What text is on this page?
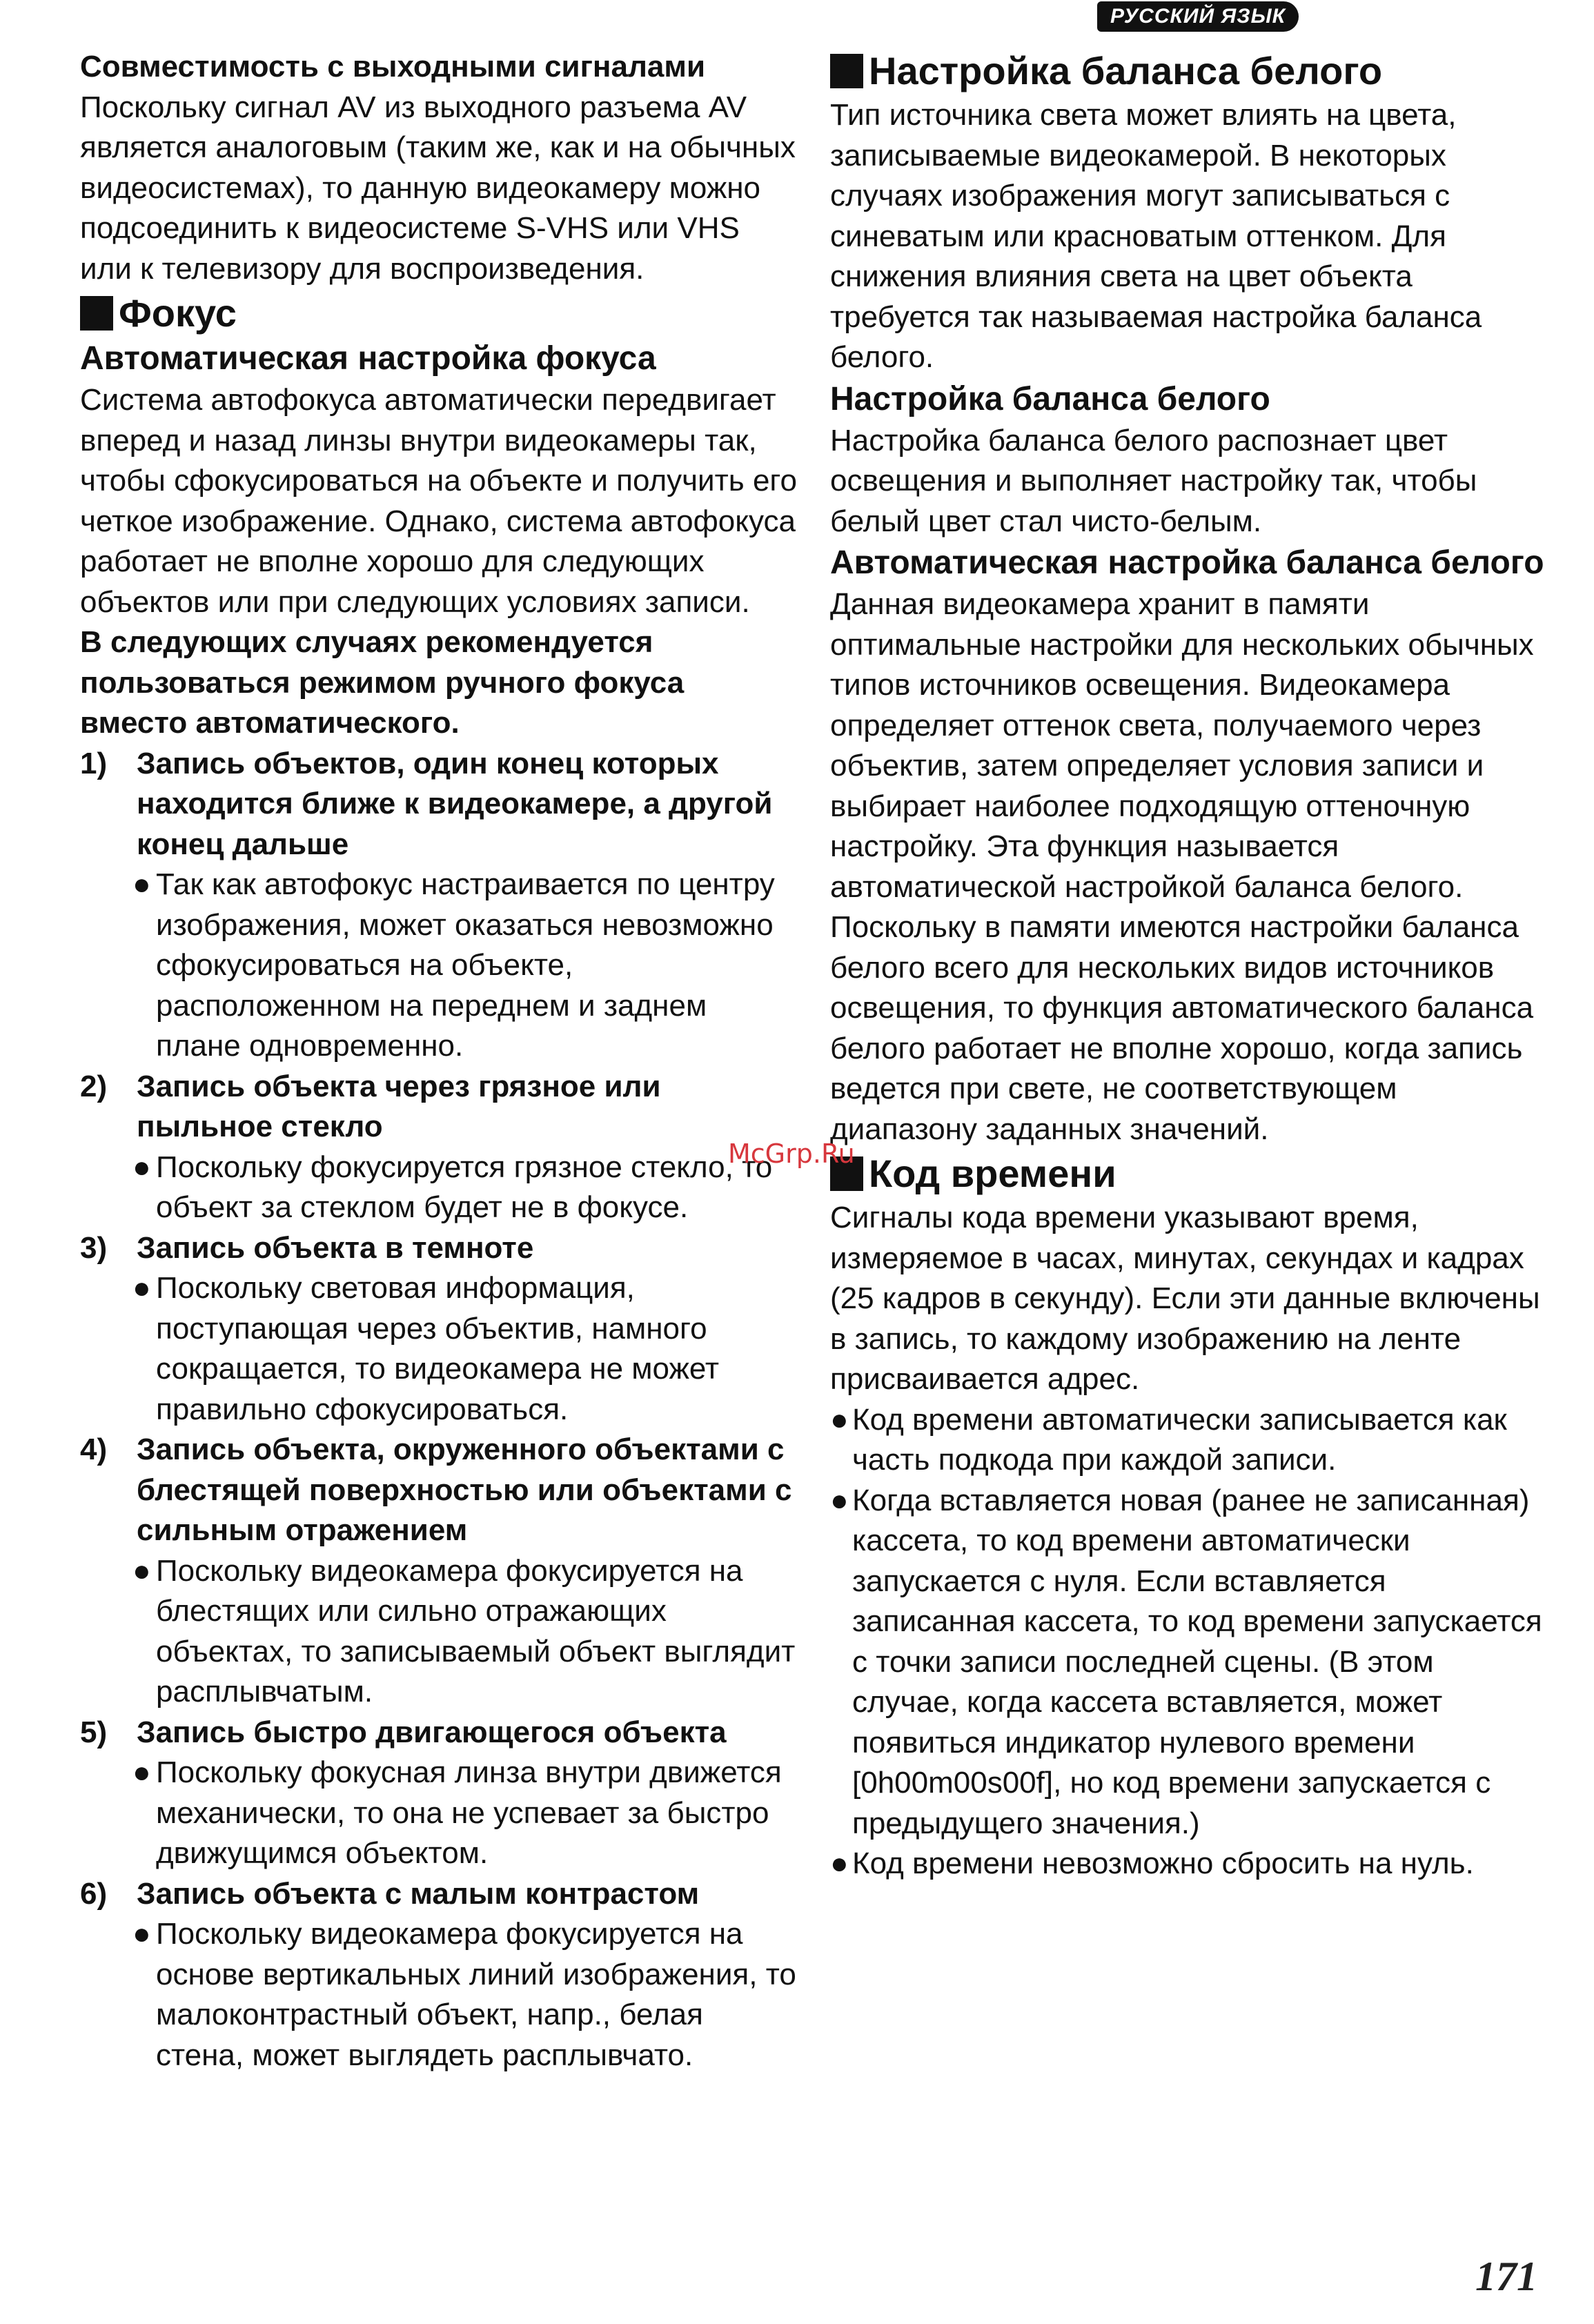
РУССКИЙ ЯЗЫК

Совместимость с выходными сигналами

Поскольку сигнал AV из выходного разъема AV является аналоговым (таким же, как и на обычных видеосистемах), то данную видеокамеру можно подсоединить к видеосистеме S-VHS или VHS или к телевизору для воспроизведения.

Фокус

Автоматическая настройка фокуса

Система автофокуса автоматически передвигает вперед и назад линзы внутри видеокамеры так, чтобы сфокусироваться на объекте и получить его четкое изображение. Однако, система автофокуса работает не вполне хорошо для следующих объектов или при следующих условиях записи.

В следующих случаях рекомендуется пользоваться режимом ручного фокуса вместо автоматического.

1) Запись объектов, один конец которых находится ближе к видеокамере, а другой конец дальше
● Так как автофокус настраивается по центру изображения, может оказаться невозможно сфокусироваться на объекте, расположенном на переднем и заднем плане одновременно.
2) Запись объекта через грязное или пыльное стекло
● Поскольку фокусируется грязное стекло, то объект за стеклом будет не в фокусе.
3) Запись объекта в темноте
● Поскольку световая информация, поступающая через объектив, намного сокращается, то видеокамера не может правильно сфокусироваться.
4) Запись объекта, окруженного объектами с блестящей поверхностью или объектами с сильным отражением
● Поскольку видеокамера фокусируется на блестящих или сильно отражающих объектах, то записываемый объект выглядит расплывчатым.
5) Запись быстро двигающегося объекта
● Поскольку фокусная линза внутри движется механически, то она не успевает за быстро движущимся объектом.
6) Запись объекта с малым контрастом
● Поскольку видеокамера фокусируется на основе вертикальных линий изображения, то малоконтрастный объект, напр., белая стена, может выглядеть расплывчато.
Настройка баланса белого

Тип источника света может влиять на цвета, записываемые видеокамерой. В некоторых случаях изображения могут записываться с синеватым или красноватым оттенком. Для снижения влияния света на цвет объекта требуется так называемая настройка баланса белого.

Настройка баланса белого

Настройка баланса белого распознает цвет освещения и выполняет настройку так, чтобы белый цвет стал чисто-белым.

Автоматическая настройка баланса белого

Данная видеокамера хранит в памяти оптимальные настройки для нескольких обычных типов источников освещения. Видеокамера определяет оттенок света, получаемого через объектив, затем определяет условия записи и выбирает наиболее подходящую оттеночную настройку. Эта функция называется автоматической настройкой баланса белого.

Поскольку в памяти имеются настройки баланса белого всего для нескольких видов источников освещения, то функция автоматического баланса белого работает не вполне хорошо, когда запись ведется при свете, не соответствующем диапазону заданных значений.

Код времени

Сигналы кода времени указывают время, измеряемое в часах, минутах, секундах и кадрах (25 кадров в секунду). Если эти данные включены в запись, то каждому изображению на ленте присваивается адрес.

● Код времени автоматически записывается как часть подкода при каждой записи.
● Когда вставляется новая (ранее не записанная) кассета, то код времени автоматически запускается с нуля. Если вставляется записанная кассета, то код времени запускается с точки записи последней сцены. (В этом случае, когда кассета вставляется, может появиться индикатор нулевого времени [0h00m00s00f], но код времени запускается с предыдущего значения.)
● Код времени невозможно сбросить на нуль.
McGrp.Ru
171
